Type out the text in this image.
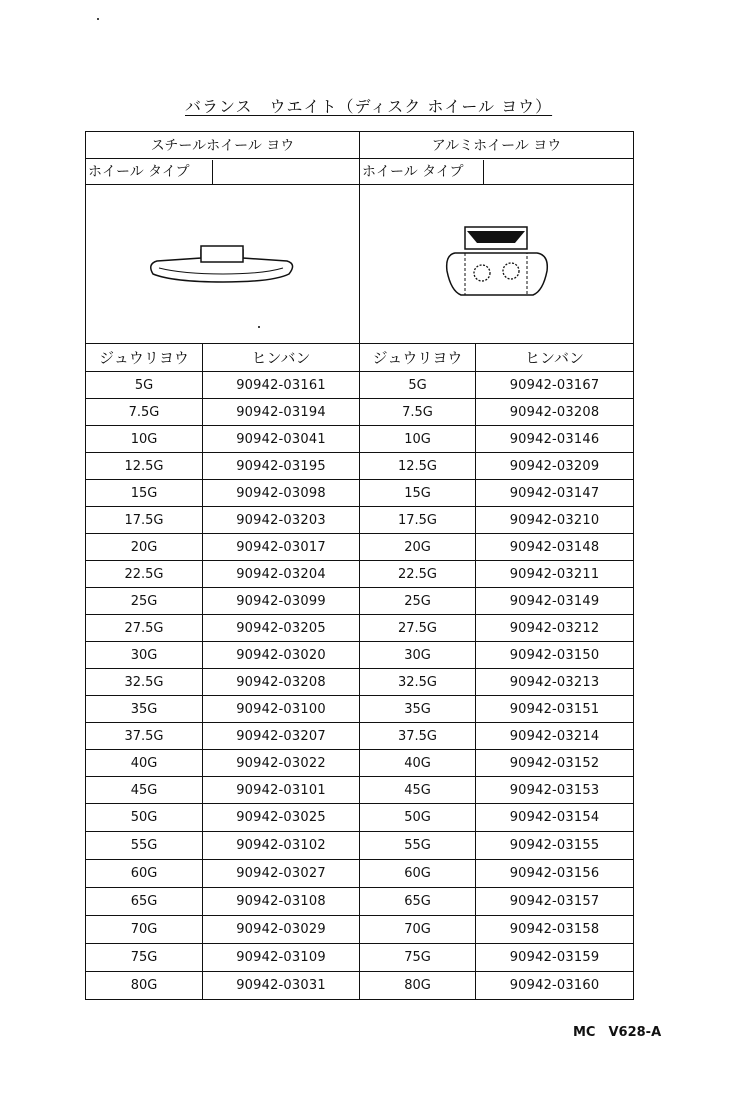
バランス　ウエイト（ディスク ホイール ヨウ）
スチールホイール ヨウ		アルミホイール ヨウ	
ホイール タイプ		ホイール タイプ	

ジュウリヨウ	ヒンバン	ジュウリヨウ	ヒンバン
5G	90942-03161	5G	90942-03167
7.5G	90942-03194	7.5G	90942-03208
10G	90942-03041	10G	90942-03146
12.5G	90942-03195	12.5G	90942-03209
15G	90942-03098	15G	90942-03147
17.5G	90942-03203	17.5G	90942-03210
20G	90942-03017	20G	90942-03148
22.5G	90942-03204	22.5G	90942-03211
25G	90942-03099	25G	90942-03149
27.5G	90942-03205	27.5G	90942-03212
30G	90942-03020	30G	90942-03150
32.5G	90942-03208	32.5G	90942-03213
35G	90942-03100	35G	90942-03151
37.5G	90942-03207	37.5G	90942-03214
40G	90942-03022	40G	90942-03152
45G	90942-03101	45G	90942-03153
50G	90942-03025	50G	90942-03154
55G	90942-03102	55G	90942-03155
60G	90942-03027	60G	90942-03156
65G	90942-03108	65G	90942-03157
70G	90942-03029	70G	90942-03158
75G	90942-03109	75G	90942-03159
80G	90942-03031	80G	90942-03160
MC　V628-A
